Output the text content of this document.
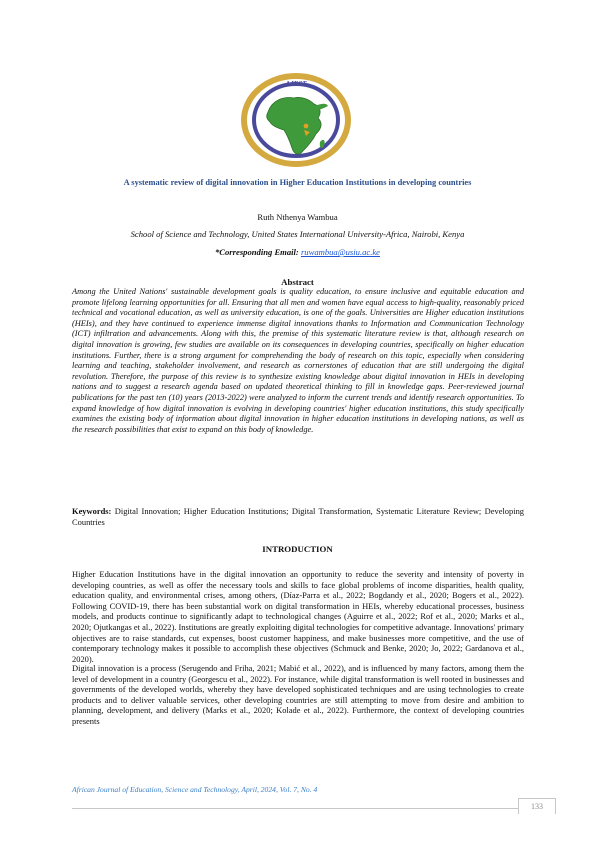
AJEST
A systematic review of digital innovation in Higher Education Institutions in developing countries
Ruth Nthenya Wambua
School of Science and Technology, United States International University-Africa, Nairobi, Kenya
*Corresponding Email: ruwambua@usiu.ac.ke
Abstract

Among the United Nations' sustainable development goals is quality education, to ensure inclusive and equitable education and promote lifelong learning opportunities for all. Ensuring that all men and women have equal access to high-quality, reasonably priced technical and vocational education, as well as university education, is one of the goals. Universities are Higher education institutions (HEIs), and they have continued to experience immense digital innovations thanks to Information and Communication Technology (ICT) infiltration and advancements. Along with this, the premise of this systematic literature review is that, although research on digital innovation is growing, few studies are available on its consequences in developing countries, specifically on higher education institutions. Further, there is a strong argument for comprehending the body of research on this topic, especially when considering learning and teaching, stakeholder involvement, and research as cornerstones of education that are still undergoing the digital revolution. Therefore, the purpose of this review is to synthesize existing knowledge about digital innovation in HEIs in developing nations and to suggest a research agenda based on updated theoretical thinking to fill in knowledge gaps. Peer-reviewed journal publications for the past ten (10) years (2013-2022) were analyzed to inform the current trends and identify research opportunities. To expand knowledge of how digital innovation is evolving in developing countries' higher education institutions, this study specifically examines the existing body of information about digital innovation in higher education institutions in developing nations, as well as the research possibilities that exist to expand on this body of knowledge.

Keywords: Digital Innovation; Higher Education Institutions; Digital Transformation, Systematic Literature Review; Developing Countries

INTRODUCTION

Higher Education Institutions have in the digital innovation an opportunity to reduce the severity and intensity of poverty in developing countries, as well as offer the necessary tools and skills to face global problems of income disparities, health quality, education quality, and environmental crises, among others, (Díaz-Parra et al., 2022; Bogdandy et al., 2020; Bogers et al., 2022). Following COVID-19, there has been substantial work on digital transformation in HEIs, whereby educational processes, business models, and products continue to significantly adapt to technological changes (Aguirre et al., 2022; Rof et al., 2020; Marks et al., 2020; Ojutkangas et al., 2022). Institutions are greatly exploiting digital technologies for competitive advantage. Innovations' primary objectives are to raise standards, cut expenses, boost customer happiness, and make businesses more competitive, and the use of contemporary technology makes it possible to accomplish these objectives (Schmuck and Benke, 2020; Jo, 2022; Gardanova et al., 2020).

Digital innovation is a process (Serugendo and Friha, 2021; Mabić et al., 2022), and is influenced by many factors, among them the level of development in a country (Georgescu et al., 2022). For instance, while digital transformation is well rooted in businesses and governments of the developed worlds, whereby they have developed sophisticated techniques and are using technologies to create products and to deliver valuable services, other developing countries are still attempting to move from desire and ambition to planning, development, and delivery (Marks et al., 2020; Kolade et al., 2022). Furthermore, the context of developing countries presents

African Journal of Education, Science and Technology, April, 2024, Vol. 7, No. 4
133
